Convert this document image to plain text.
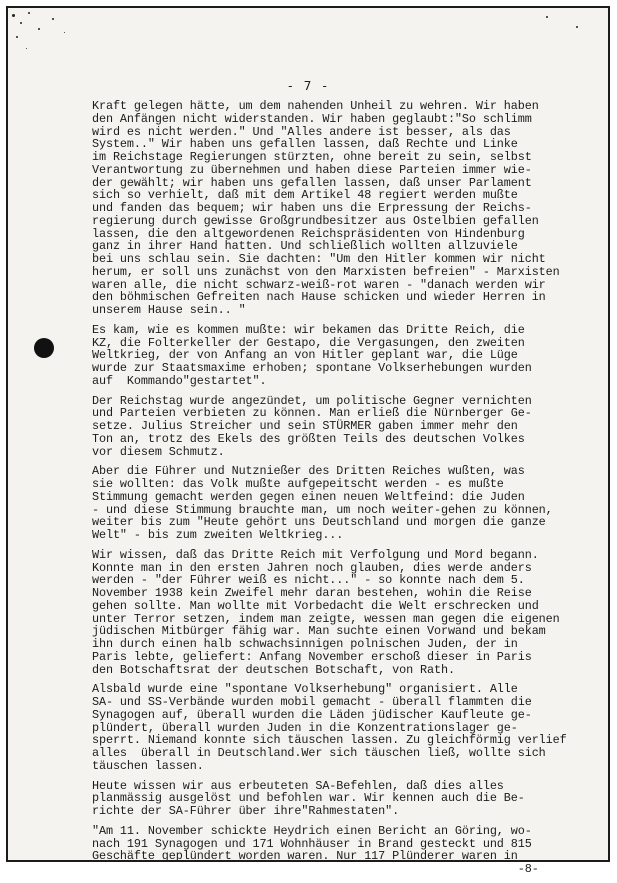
- 7 -
Kraft gelegen hätte, um dem nahenden Unheil zu wehren. Wir haben
den Anfängen nicht widerstanden. Wir haben geglaubt:"So schlimm
wird es nicht werden." Und "Alles andere ist besser, als das
System.." Wir haben uns gefallen lassen, daß Rechte und Linke
im Reichstage Regierungen stürzten, ohne bereit zu sein, selbst
Verantwortung zu übernehmen und haben diese Parteien immer wie-
der gewählt; wir haben uns gefallen lassen, daß unser Parlament
sich so verhielt, daß mit dem Artikel 48 regiert werden mußte
und fanden das bequem; wir haben uns die Erpressung der Reichs-
regierung durch gewisse Großgrundbesitzer aus Ostelbien gefallen
lassen, die den altgewordenen Reichspräsidenten von Hindenburg
ganz in ihrer Hand hatten. Und schließlich wollten allzuviele
bei uns schlau sein. Sie dachten: "Um den Hitler kommen wir nicht
herum, er soll uns zunächst von den Marxisten befreien" - Marxisten
waren alle, die nicht schwarz-weiß-rot waren - "danach werden wir
den böhmischen Gefreiten nach Hause schicken und wieder Herren in
unserem Hause sein.. "
Es kam, wie es kommen mußte: wir bekamen das Dritte Reich, die
KZ, die Folterkeller der Gestapo, die Vergasungen, den zweiten
Weltkrieg, der von Anfang an von Hitler geplant war, die Lüge
wurde zur Staatsmaxime erhoben; spontane Volkserhebungen wurden
auf  Kommando"gestartet".
Der Reichstag wurde angezündet, um politische Gegner vernichten
und Parteien verbieten zu können. Man erließ die Nürnberger Ge-
setze. Julius Streicher und sein STÜRMER gaben immer mehr den
Ton an, trotz des Ekels des größten Teils des deutschen Volkes
vor diesem Schmutz.
Aber die Führer und Nutznießer des Dritten Reiches wußten, was
sie wollten: das Volk mußte aufgepeitscht werden - es mußte
Stimmung gemacht werden gegen einen neuen Weltfeind: die Juden
- und diese Stimmung brauchte man, um noch weiter-gehen zu können,
weiter bis zum "Heute gehört uns Deutschland und morgen die ganze
Welt" - bis zum zweiten Weltkrieg...
Wir wissen, daß das Dritte Reich mit Verfolgung und Mord begann.
Konnte man in den ersten Jahren noch glauben, dies werde anders
werden - "der Führer weiß es nicht..." - so konnte nach dem 5.
November 1938 kein Zweifel mehr daran bestehen, wohin die Reise
gehen sollte. Man wollte mit Vorbedacht die Welt erschrecken und
unter Terror setzen, indem man zeigte, wessen man gegen die eigenen
jüdischen Mitbürger fähig war. Man suchte einen Vorwand und bekam
ihn durch einen halb schwachsinnigen polnischen Juden, der in
Paris lebte, geliefert: Anfang November erschoß dieser in Paris
den Botschaftsrat der deutschen Botschaft, von Rath.
Alsbald wurde eine "spontane Volkserhebung" organisiert. Alle
SA- und SS-Verbände wurden mobil gemacht - überall flammten die
Synagogen auf, überall wurden die Läden jüdischer Kaufleute ge-
plündert, überall wurden Juden in die Konzentrationslager ge-
sperrt. Niemand konnte sich täuschen lassen. Zu gleichförmig verlief
alles  überall in Deutschland.Wer sich täuschen ließ, wollte sich
täuschen lassen.
Heute wissen wir aus erbeuteten SA-Befehlen, daß dies alles
planmässig ausgelöst und befohlen war. Wir kennen auch die Be-
richte der SA-Führer über ihre"Rahmestaten".
"Am 11. November schickte Heydrich einen Bericht an Göring, wo-
nach 191 Synagogen und 171 Wohnhäuser in Brand gesteckt und 815
Geschäfte geplündert worden waren. Nur 117 Plünderer waren in
-8-
